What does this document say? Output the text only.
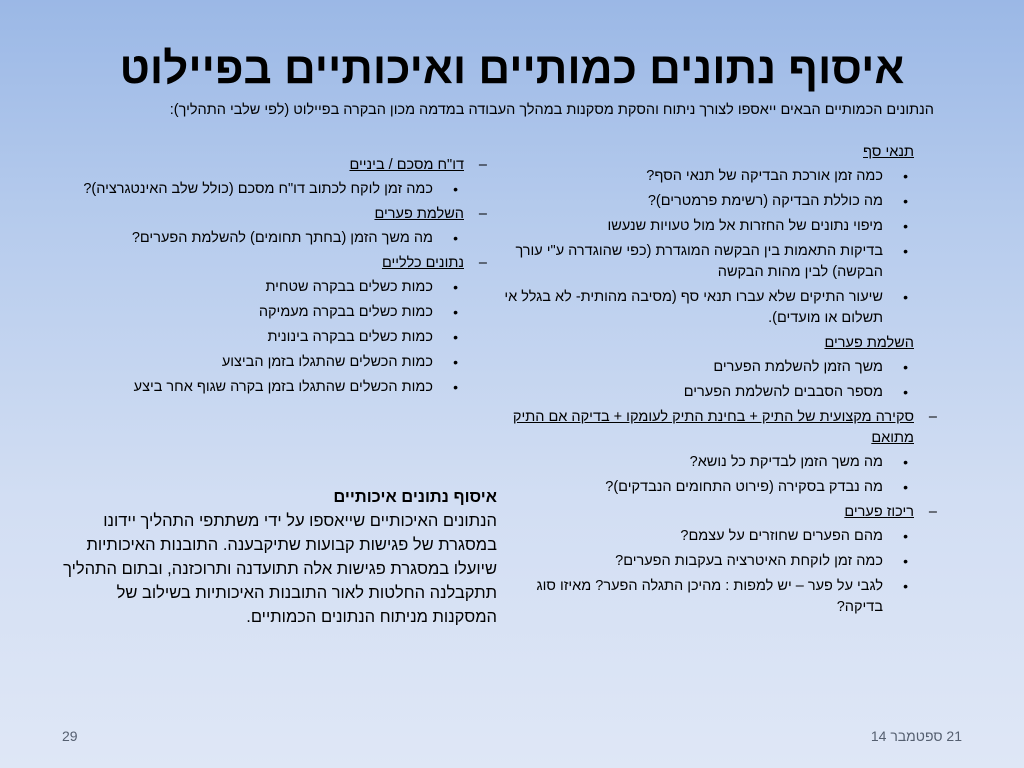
איסוף נתונים כמותיים ואיכותיים בפיילוט
הנתונים הכמותיים הבאים ייאספו לצורך ניתוח והסקת מסקנות במהלך העבודה במדמה מכון הבקרה בפיילוט (לפי שלבי התהליך):
תנאי סף
• כמה זמן אורכת הבדיקה של תנאי הסף?
• מה כוללת הבדיקה (רשימת פרמטרים)?
• מיפוי נתונים של החזרות אל מול טעויות שנעשו
• בדיקות התאמות בין הבקשה המוגדרת (כפי שהוגדרה ע"י עורך הבקשה) לבין מהות הבקשה
• שיעור התיקים שלא עברו תנאי סף (מסיבה מהותית- לא בגלל אי תשלום או מועדים).
השלמת פערים
• משך הזמן להשלמת הפערים
• מספר הסבבים להשלמת הפערים
–
סקירה מקצועית של התיק + בחינת התיק לעומקו + בדיקה אם התיק מתואם
• מה משך הזמן לבדיקת כל נושא?
• מה נבדק בסקירה (פירוט התחומים הנבדקים)?
–
ריכוז פערים
• מהם הפערים שחוזרים על עצמם?
• כמה זמן לוקחת האיטרציה בעקבות הפערים?
• לגבי על פער – יש למפות : מהיכן התגלה הפער? מאיזו סוג בדיקה?
–
דו"ח מסכם / ביניים
• כמה זמן לוקח לכתוב דו"ח מסכם (כולל שלב האינטגרציה)?
–
השלמת פערים
• מה משך הזמן (בחתך תחומים) להשלמת הפערים?
–
נתונים כלליים
• כמות כשלים בבקרה שטחית
• כמות כשלים בבקרה מעמיקה
• כמות כשלים בבקרה בינונית
• כמות הכשלים שהתגלו בזמן הביצוע
• כמות הכשלים שהתגלו בזמן בקרה שגוף אחר ביצע
איסוף נתונים איכותיים
הנתונים האיכותיים שייאספו על ידי משתתפי התהליך יידונו במסגרת של פגישות קבועות שתיקבענה. התובנות האיכותיות שיועלו במסגרת פגישות אלה תתועדנה ותרוכזנה, ובתום התהליך תתקבלנה החלטות לאור התובנות האיכותיות בשילוב של המסקנות מניתוח הנתונים הכמותיים.
21 ספטמבר 14
29
